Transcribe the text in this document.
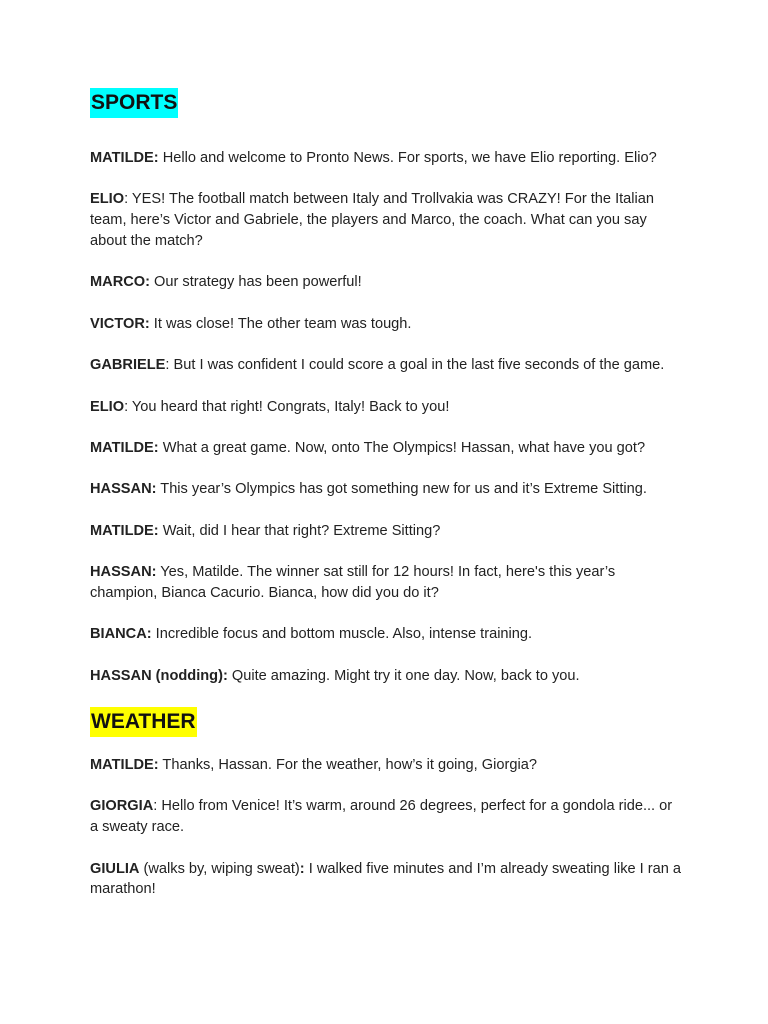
SPORTS

MATILDE: Hello and welcome to Pronto News. For sports, we have Elio reporting. Elio?

ELIO: YES! The football match between Italy and Trollvakia was CRAZY! For the Italian team, here’s Victor and Gabriele, the players and Marco, the coach. What can you say about the match?

MARCO: Our strategy has been powerful!

VICTOR: It was close! The other team was tough.

GABRIELE: But I was confident I could score a goal in the last five seconds of the game.

ELIO: You heard that right! Congrats, Italy! Back to you!

MATILDE: What a great game. Now, onto The Olympics! Hassan, what have you got?

HASSAN: This year’s Olympics has got something new for us and it’s Extreme Sitting.

MATILDE: Wait, did I hear that right? Extreme Sitting?

HASSAN: Yes, Matilde. The winner sat still for 12 hours! In fact, here's this year’s champion, Bianca Cacurio. Bianca, how did you do it?

BIANCA: Incredible focus and bottom muscle. Also, intense training.

HASSAN (nodding): Quite amazing. Might try it one day. Now, back to you.

WEATHER

MATILDE: Thanks, Hassan. For the weather, how’s it going, Giorgia?

GIORGIA: Hello from Venice! It’s warm, around 26 degrees, perfect for a gondola ride... or a sweaty race.

GIULIA (walks by, wiping sweat): I walked five minutes and I’m already sweating like I ran a marathon!
